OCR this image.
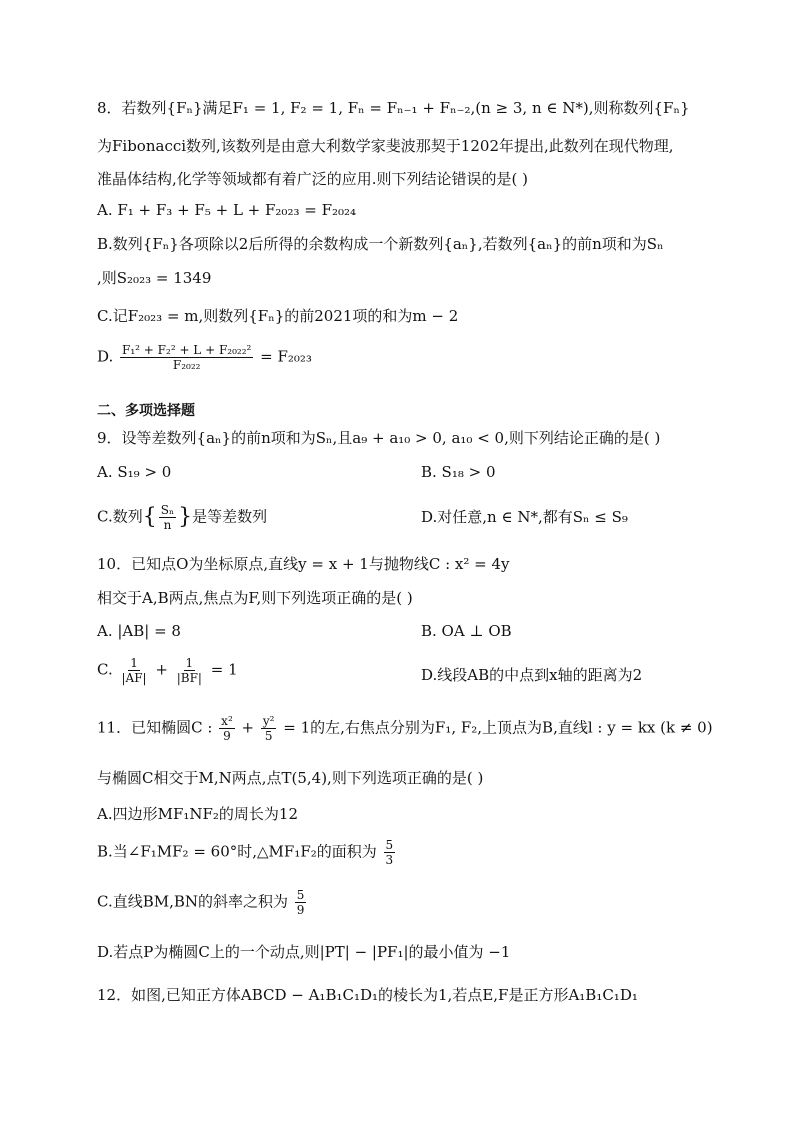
8．若数列{Fₙ}满足F₁ = 1, F₂ = 1, Fₙ = Fₙ₋₁ + Fₙ₋₂,(n ≥ 3, n ∈ N*),则称数列{Fₙ}
为Fibonacci数列,该数列是由意大利数学家斐波那契于1202年提出,此数列在现代物理,
准晶体结构,化学等领域都有着广泛的应用.则下列结论错误的是( )
A. F₁ + F₃ + F₅ + L + F₂₀₂₃ = F₂₀₂₄
B.数列{Fₙ}各项除以2后所得的余数构成一个新数列{aₙ},若数列{aₙ}的前n项和为Sₙ
,则S₂₀₂₃ = 1349
C.记F₂₀₂₃ = m,则数列{Fₙ}的前2021项的和为m − 2
D. $\frac{\text{F₁² + F₂² + L + F₂₀₂₂²}}{\text{F₂₀₂₂}} = F_{2023}$
二、多项选择题
9．设等差数列{aₙ}的前n项和为Sₙ,且a₉ + a₁₀ > 0, a₁₀ < 0,则下列结论正确的是( )
A. S₁₉ > 0	B. S₁₈ > 0
C.数列{ $\frac{\text{Sₙ}}{n}$ }是等差数列	D.对任意,n ∈ N*,都有Sₙ ≤ S₉
10．已知点O为坐标原点,直线y = x + 1与抛物线C : x² = 4y
相交于A,B两点,焦点为F,则下列选项正确的是( )
A. |AB| = 8	B. OA ⊥ OB
C. $\frac{1}{|AF|} + \frac{1}{|BF|} = 1$	D.线段AB的中点到x轴的距离为2
11．已知椭圆C : $\frac{\text{x²}}{9} + \frac{\text{y²}}{5} = 1$的左,右焦点分别为F₁, F₂,上顶点为B,直线l : y = kx (k ≠ 0)
与椭圆C相交于M,N两点,点T(5,4),则下列选项正确的是( )
A.四边形MF₁NF₂的周长为12
B.当∠F₁MF₂ = 60°时,△MF₁F₂的面积为 $\frac{5}{3}$
C.直线BM,BN的斜率之积为 $\frac{5}{9}$
D.若点P为椭圆C上的一个动点,则|PT| − |PF₁|的最小值为 −1
12．如图,已知正方体ABCD − A₁B₁C₁D₁的棱长为1,若点E,F是正方形A₁B₁C₁D₁
